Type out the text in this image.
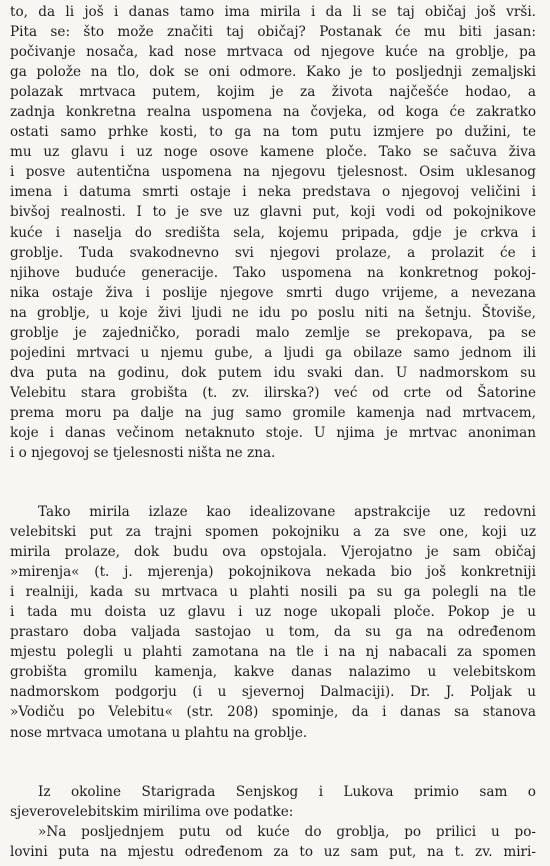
to, da li još i danas tamo ima mirila i da li se taj običaj još vrši.
Pita se: što može značiti taj običaj? Postanak će mu biti jasan:
počivanje nosača, kad nose mrtvaca od njegove kuće na groblje, pa
ga polože na tlo, dok se oni odmore. Kako je to posljednji zemaljski
polazak mrtvaca putem, kojim je za života najčešće hodao, a
zadnja konkretna realna uspomena na čovjeka, od koga će zakratko
ostati samo prhke kosti, to ga na tom putu izmjere po dužini, te
mu uz glavu i uz noge osove kamene ploče. Tako se sačuva živa
i posve autentična uspomena na njegovu tjelesnost. Osim uklesanog
imena i datuma smrti ostaje i neka predstava o njegovoj veličini i
bivšoj realnosti. I to je sve uz glavni put, koji vodi od pokojnikove
kuće i naselja do središta sela, kojemu pripada, gdje je crkva i
groblje. Tuda svakodnevno svi njegovi prolaze, a prolazit će i
njihove buduće generacije. Tako uspomena na konkretnog pokoj-
nika ostaje živa i poslije njegove smrti dugo vrijeme, a nevezana
na groblje, u koje živi ljudi ne idu po poslu niti na šetnju. Štoviše,
groblje je zajedničko, poradi malo zemlje se prekopava, pa se
pojedini mrtvaci u njemu gube, a ljudi ga obilaze samo jednom ili
dva puta na godinu, dok putem idu svaki dan. U nadmorskom su
Velebitu stara grobišta (t. zv. ilirska?) već od crte od Šatorine
prema moru pa dalje na jug samo gromile kamenja nad mrtvacem,
koje i danas večinom netaknuto stoje. U njima je mrtvac anoniman
i o njegovoj se tjelesnosti ništa ne zna.
Tako mirila izlaze kao idealizovane apstrakcije uz redovni
velebitski put za trajni spomen pokojniku a za sve one, koji uz
mirila prolaze, dok budu ova opstojala. Vjerojatno je sam običaj
»mirenja« (t. j. mjerenja) pokojnikova nekada bio još konkretniji
i realniji, kada su mrtvaca u plahti nosili pa su ga polegli na tle
i tada mu doista uz glavu i uz noge ukopali ploče. Pokop je u
prastaro doba valjada sastojao u tom, da su ga na određenom
mjestu polegli u plahti zamotana na tle i na nj nabacali za spomen
grobišta gromilu kamenja, kakve danas nalazimo u velebitskom
nadmorskom podgorju (i u sjevernoj Dalmaciji). Dr. J. Poljak u
»Vodiču po Velebitu« (str. 208) spominje, da i danas sa stanova
nose mrtvaca umotana u plahtu na groblje.
Iz okoline Starigrada Senjskog i Lukova primio sam o
sjeverovelebitskim mirilima ove podatke:
»Na posljednjem putu od kuće do groblja, po prilici u po-
lovini puta na mjestu određenom za to uz sam put, na t. zv. miri-
